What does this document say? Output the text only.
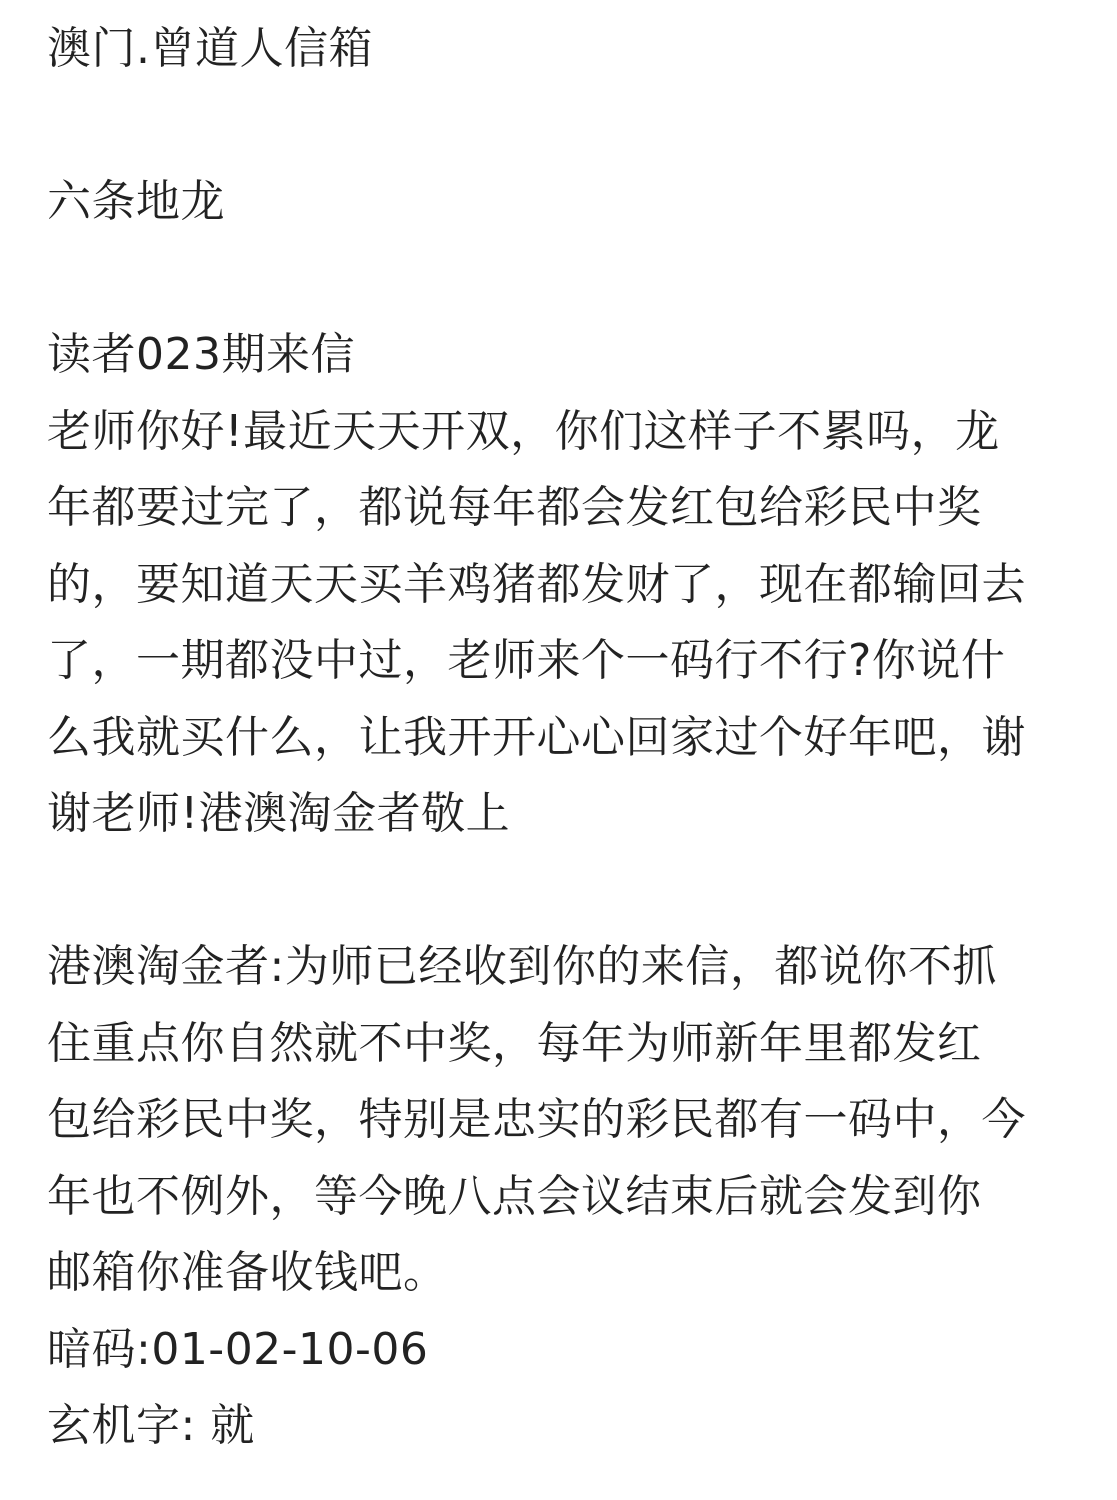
澳门.曾道人信箱
六条地龙
读者023期来信
老师你好!最近天天开双，你们这样子不累吗，龙
年都要过完了，都说每年都会发红包给彩民中奖
的，要知道天天买羊鸡猪都发财了，现在都输回去
了，一期都没中过，老师来个一码行不行?你说什
么我就买什么，让我开开心心回家过个好年吧，谢
谢老师!港澳淘金者敬上
港澳淘金者:为师已经收到你的来信，都说你不抓
住重点你自然就不中奖，每年为师新年里都发红
包给彩民中奖，特别是忠实的彩民都有一码中，今
年也不例外，等今晚八点会议结束后就会发到你
邮箱你准备收钱吧。
暗码:01-02-10-06
玄机字: 就
